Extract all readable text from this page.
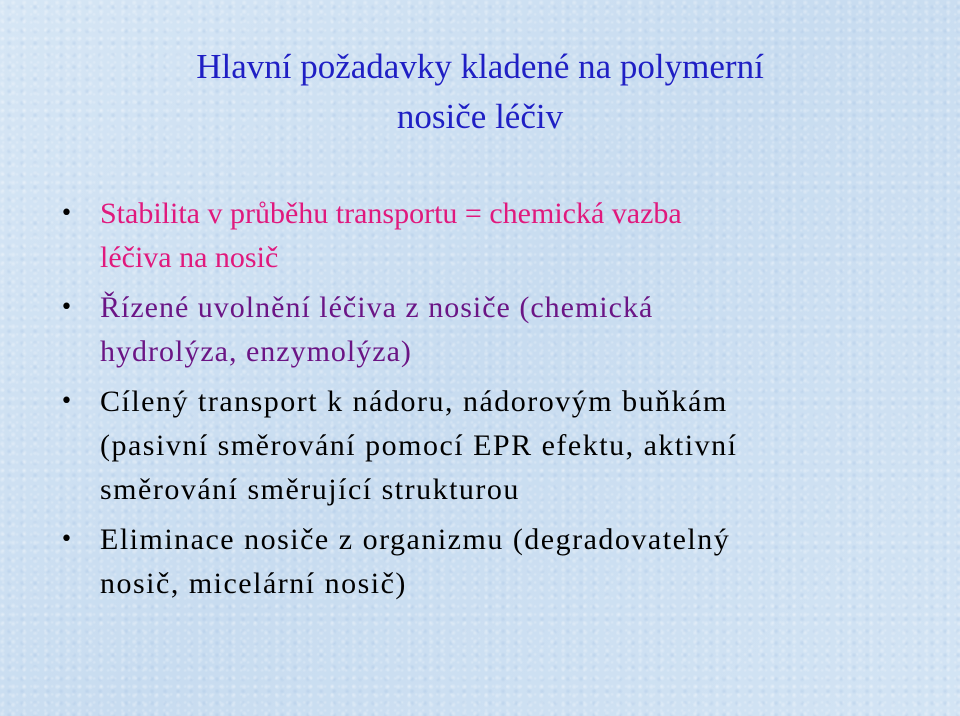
Hlavní požadavky kladené na polymerní
nosiče léčiv
• Stabilita v průběhu transportu = chemická vazba
léčiva na nosič
• Řízené uvolnění léčiva z nosiče (chemická
hydrolýza, enzymolýza)
• Cílený transport k nádoru, nádorovým buňkám
(pasivní směrování pomocí EPR efektu, aktivní
směrování směrující strukturou
• Eliminace nosiče z organizmu (degradovatelný
nosič, micelární nosič)
